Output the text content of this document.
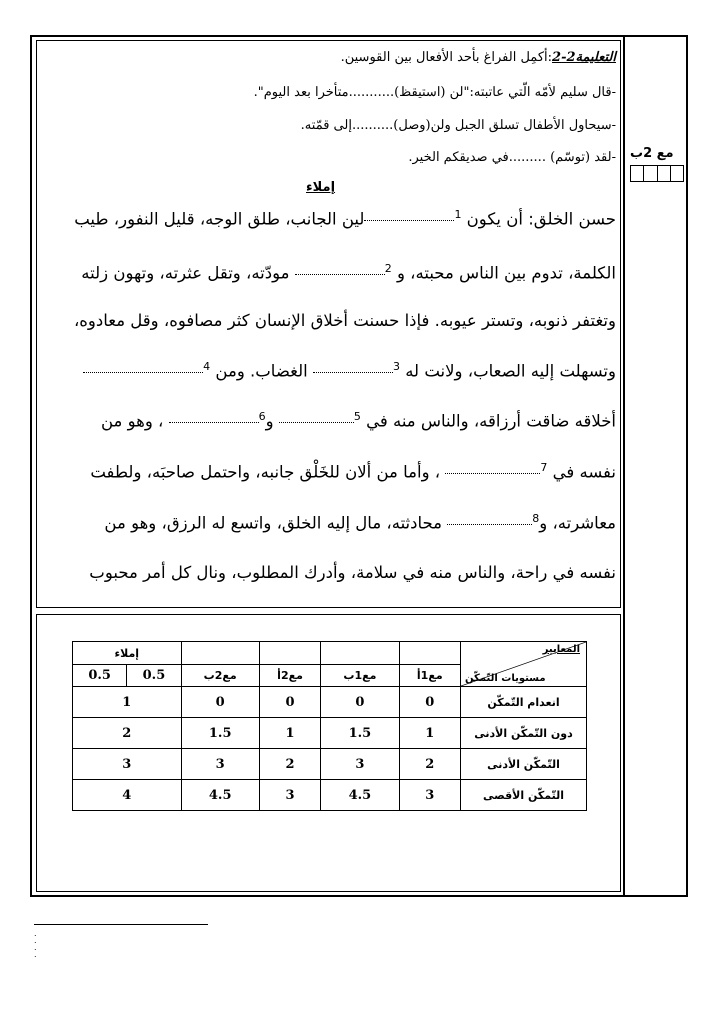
مع 2ب
التعليمة2-2:أكمِل الفراغ بأحد الأفعال بين القوسين.
-قال سليم لأمّه الّتي عاتبته:"لن (استيقظ)...........متأخرا بعد اليوم".
-سيحاول الأطفال تسلق الجبل ولن(وصل)..........إلى قمّته.
-لقد (توسّم) .........في صديقكم الخير.
إملاء
حسن الخلق: أن يكون $^1$لين الجانب، طلق الوجه، قليل النفور، طيب
الكلمة، تدوم بين الناس محبته، و $^2$ مودّته، وتقل عثرته، وتهون زلته
وتغتفر ذنوبه، وتستر عيوبه. فإذا حسنت أخلاق الإنسان كثر مصافوه، وقل معادوه،
وتسهلت إليه الصعاب، ولانت له $^3$ الغضاب. ومن $^4$
أخلاقه ضاقت أرزاقه، والناس منه في $^5$ و$^6$ ، وهو من
نفسه في $^7$ ، وأما من ألان للخَلْق جانبه، واحتمل صاحبَه، ولطفت
معاشرته، و$^8$ محادثته، مال إليه الخلق، واتسع له الرزق، وهو من
نفسه في راحة، والناس منه في سلامة، وأدرك المطلوب، ونال كل أمر محبوب
المعايير
مستويات التّمكّن					إملاء	
	مع1أ	مع1ب	مع2أ	مع2ب	0.5	0.5
انعدام التّمكّن	0	0	0	0	1	
دون التّمكّن الأدنى	1	1.5	1	1.5	2	
التّمكّن الأدنى	2	3	2	3	3	
التّمكّن الأقصى	3	4.5	3	4.5	4	
.
.
.
.
